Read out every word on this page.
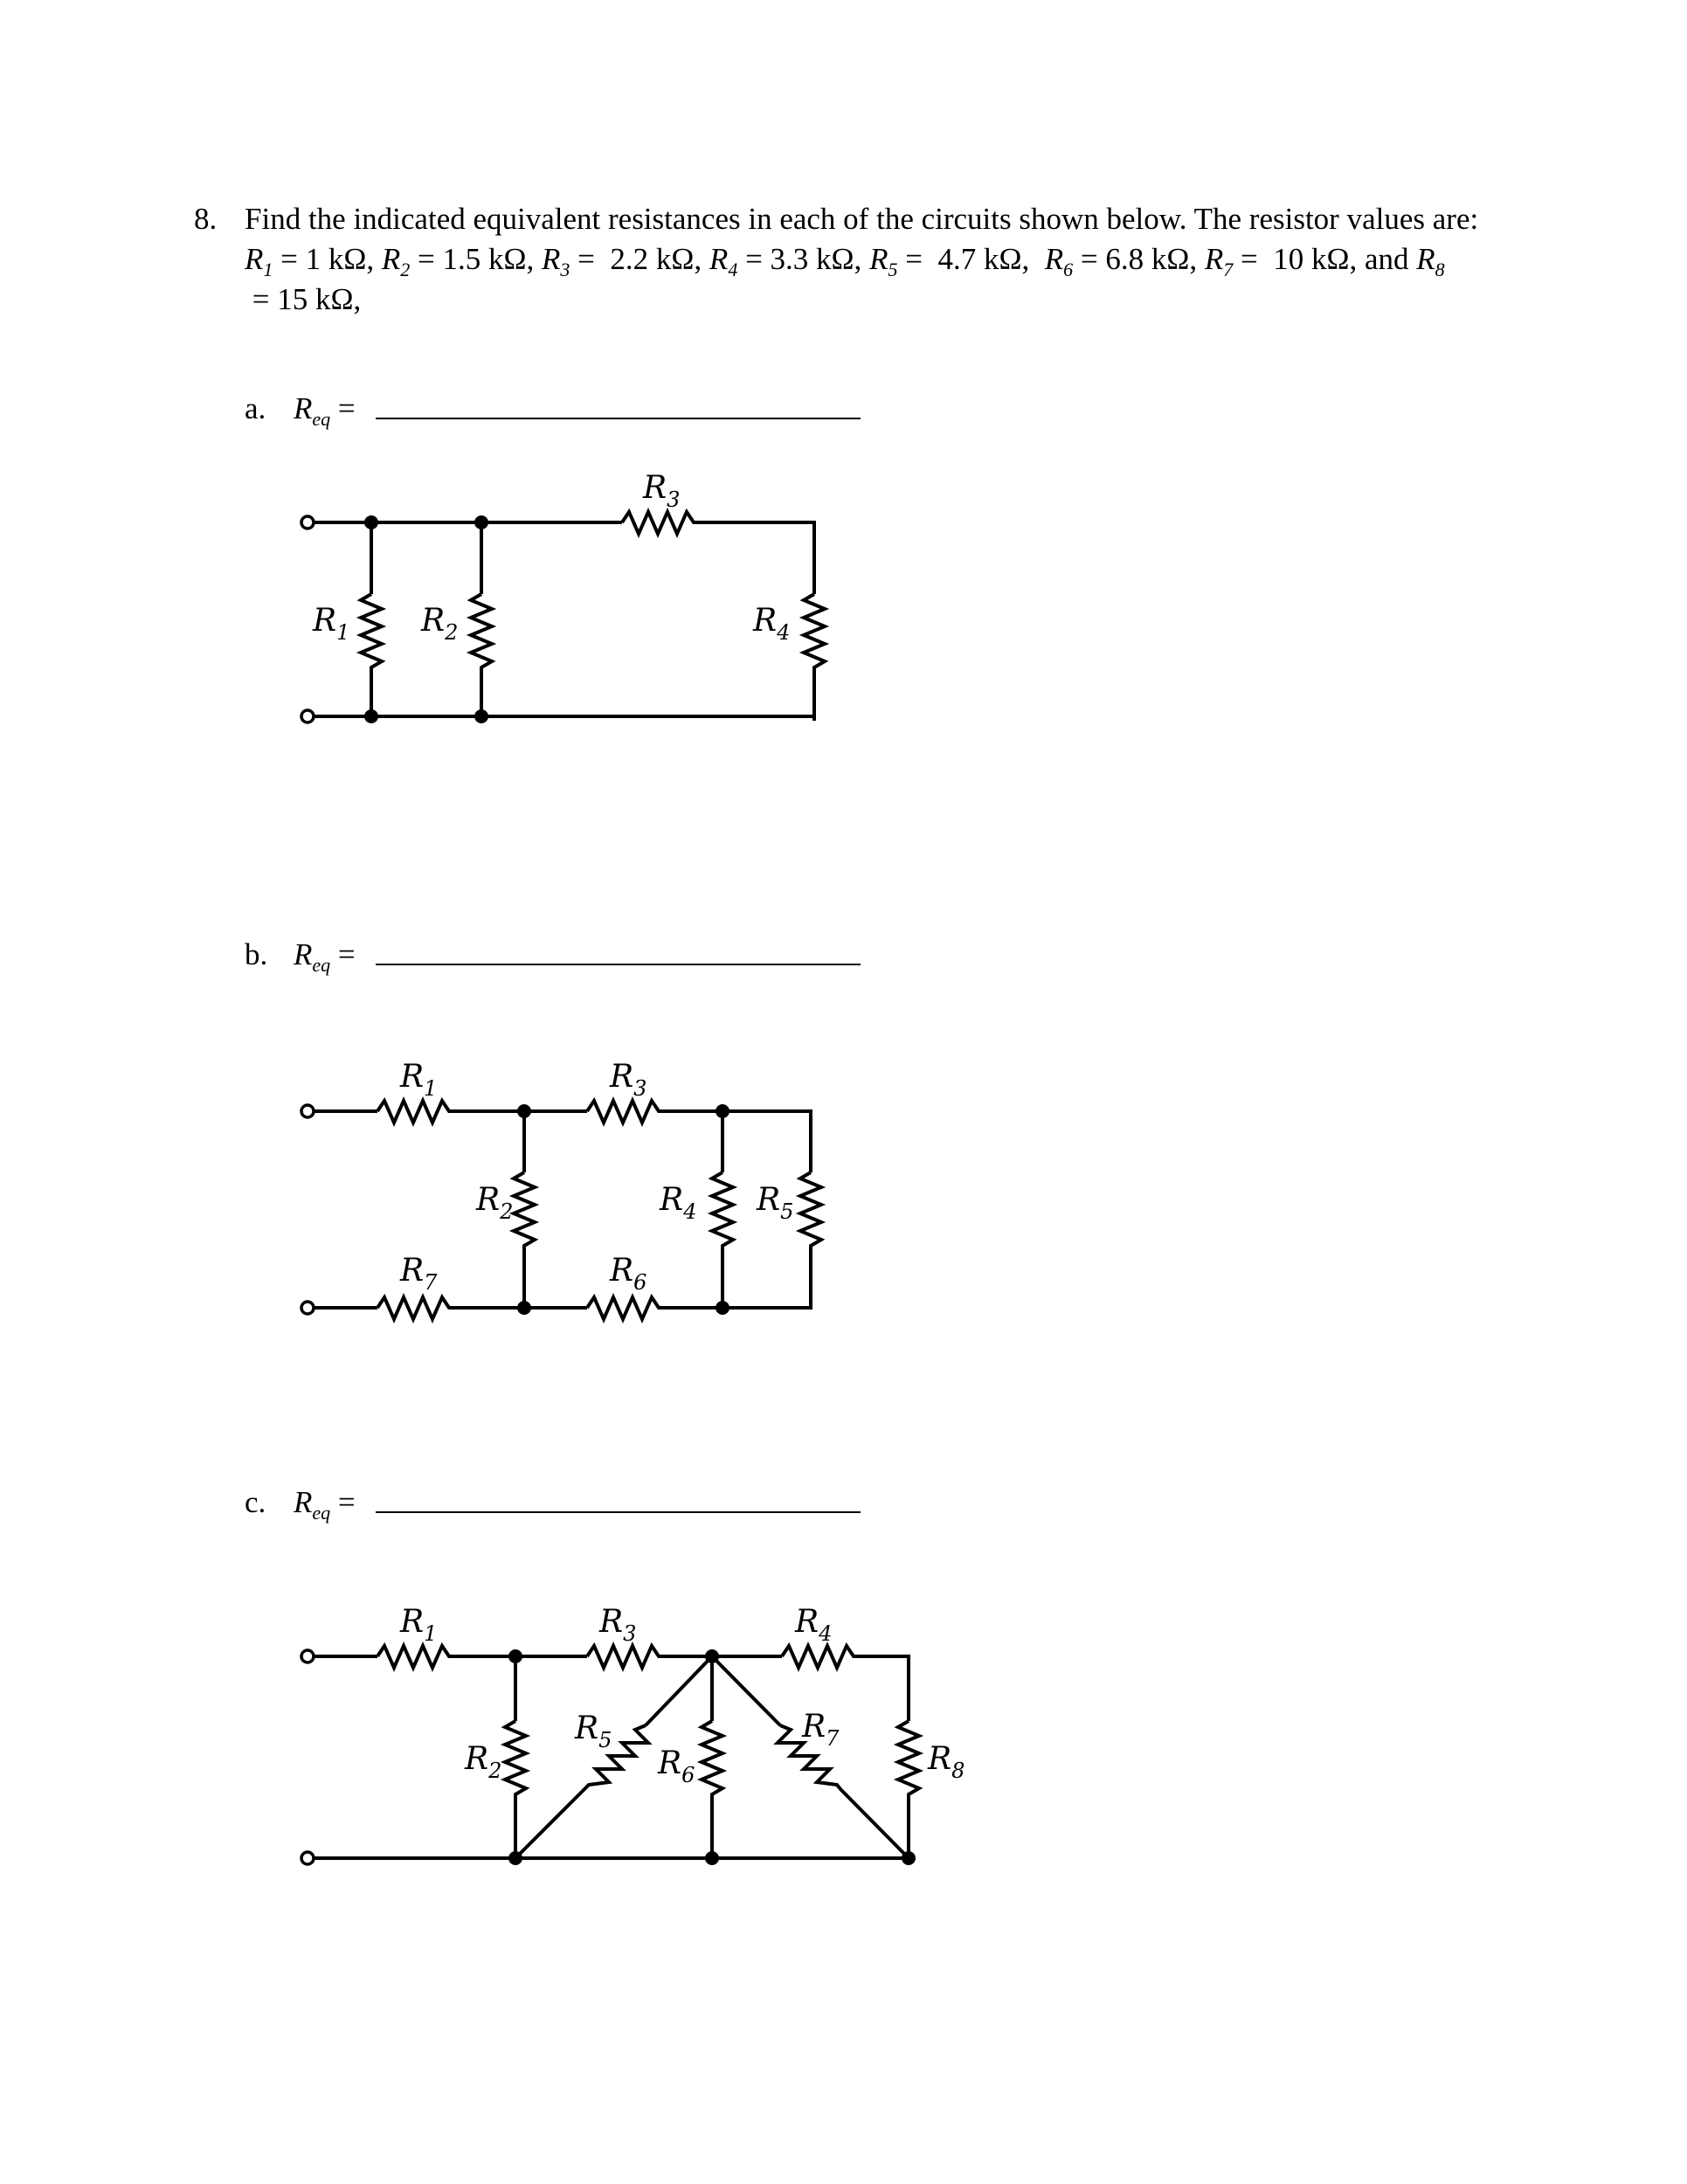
8. Find the indicated equivalent resistances in each of the circuits shown below. The resistor values are: $R_1 = 1$ kΩ, $R_2 = 1.5$ kΩ, $R_3 = 2.2$ kΩ, $R_4 = 3.3$ kΩ, $R_5 = 4.7$ kΩ,  $R_6 = 6.8$ kΩ, $R_7 = 10$ kΩ, and $R_8 = 15$ kΩ,
a. $R_{eq}$ =
$R_1$ $R_2$
$R_3$
$R_4$
b. $R_{eq}$ =
$R_1$
$R_2$
$R_3$
$R_4$ $R_5$
$R_6$
$R_7$
c. $R_{eq}$ =
$R_1$
$R_2$
$R_3$	$R_4$
$R_5$
$R_6$
$R_7$
$R_8$
